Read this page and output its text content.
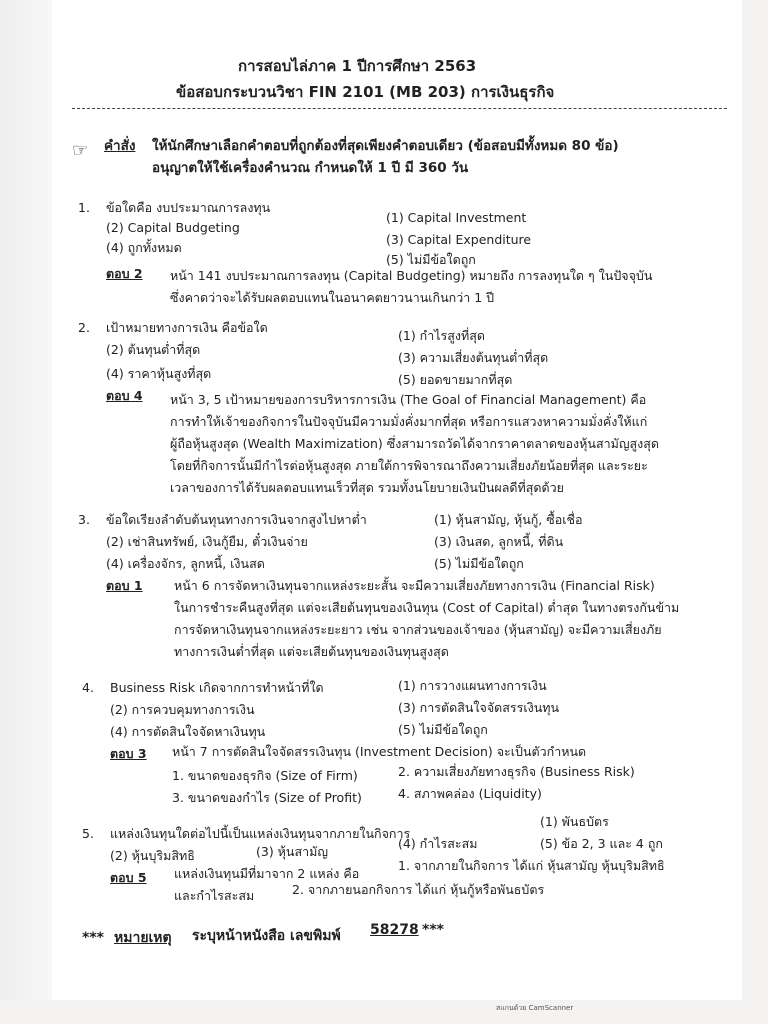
การสอบไล่ภาค 1 ปีการศึกษา 2563
ข้อสอบกระบวนวิชา FIN 2101 (MB 203) การเงินธุรกิจ
☞ คำสั่ง ให้นักศึกษาเลือกคำตอบที่ถูกต้องที่สุดเพียงคำตอบเดียว (ข้อสอบมีทั้งหมด 80 ข้อ)
อนุญาตให้ใช้เครื่องคำนวณ กำหนดให้ 1 ปี มี 360 วัน
1. ข้อใดคือ งบประมาณการลงทุน
(1) Capital Investment
(2) Capital Budgeting
(3) Capital Expenditure
(4) ถูกทั้งหมด
(5) ไม่มีข้อใดถูก
ตอบ 2 หน้า 141 งบประมาณการลงทุน (Capital Budgeting) หมายถึง การลงทุนใด ๆ ในปัจจุบัน
ซึ่งคาดว่าจะได้รับผลตอบแทนในอนาคตยาวนานเกินกว่า 1 ปี
2. เป้าหมายทางการเงิน คือข้อใด
(1) กำไรสูงที่สุด
(2) ต้นทุนต่ำที่สุด
(3) ความเสี่ยงต้นทุนต่ำที่สุด
(4) ราคาหุ้นสูงที่สุด	(5) ยอดขายมากที่สุด
ตอบ 4 หน้า 3, 5 เป้าหมายของการบริหารการเงิน (The Goal of Financial Management) คือ
การทำให้เจ้าของกิจการในปัจจุบันมีความมั่งคั่งมากที่สุด หรือการแสวงหาความมั่งคั่งให้แก่
ผู้ถือหุ้นสูงสุด (Wealth Maximization) ซึ่งสามารถวัดได้จากราคาตลาดของหุ้นสามัญสูงสุด
โดยที่กิจการนั้นมีกำไรต่อหุ้นสูงสุด ภายใต้การพิจารณาถึงความเสี่ยงภัยน้อยที่สุด และระยะ
เวลาของการได้รับผลตอบแทนเร็วที่สุด รวมทั้งนโยบายเงินปันผลดีที่สุดด้วย
3. ข้อใดเรียงลำดับต้นทุนทางการเงินจากสูงไปหาต่ำ	(1) หุ้นสามัญ, หุ้นกู้, ซื้อเชื่อ
(2) เช่าสินทรัพย์, เงินกู้ยืม, ตั๋วเงินจ่าย	(3) เงินสด, ลูกหนี้, ที่ดิน
(4) เครื่องจักร, ลูกหนี้, เงินสด	(5) ไม่มีข้อใดถูก
ตอบ 1	หน้า 6 การจัดหาเงินทุนจากแหล่งระยะสั้น จะมีความเสี่ยงภัยทางการเงิน (Financial Risk)
ในการชำระคืนสูงที่สุด แต่จะเสียต้นทุนของเงินทุน (Cost of Capital) ต่ำสุด ในทางตรงกันข้าม
การจัดหาเงินทุนจากแหล่งระยะยาว เช่น จากส่วนของเจ้าของ (หุ้นสามัญ) จะมีความเสี่ยงภัย
ทางการเงินต่ำที่สุด แต่จะเสียต้นทุนของเงินทุนสูงสุด
4. Business Risk เกิดจากการทำหน้าที่ใด	(1) การวางแผนทางการเงิน
(2) การควบคุมทางการเงิน	(3) การตัดสินใจจัดสรรเงินทุน
(4) การตัดสินใจจัดหาเงินทุน	(5) ไม่มีข้อใดถูก
ตอบ 3 หน้า 7 การตัดสินใจจัดสรรเงินทุน (Investment Decision) จะเป็นตัวกำหนด
1. ขนาดของธุรกิจ (Size of Firm)	2. ความเสี่ยงภัยทางธุรกิจ (Business Risk)
3. ขนาดของกำไร (Size of Profit)	4. สภาพคล่อง (Liquidity)
5. แหล่งเงินทุนใดต่อไปนี้เป็นแหล่งเงินทุนจากภายในกิจการ
(1) พันธบัตร
(2) หุ้นบุริมสิทธิ	(3) หุ้นสามัญ
(4) กำไรสะสม	(5) ข้อ 2, 3 และ 4 ถูก
ตอบ 5 แหล่งเงินทุนมีที่มาจาก 2 แหล่ง คือ
1. จากภายในกิจการ ได้แก่ หุ้นสามัญ หุ้นบุริมสิทธิ
และกำไรสะสม	2. จากภายนอกกิจการ ได้แก่ หุ้นกู้หรือพันธบัตร
*** หมายเหตุ ระบุหน้าหนังสือ เลขพิมพ์ 58278 ***
สแกนด้วย CamScanner
